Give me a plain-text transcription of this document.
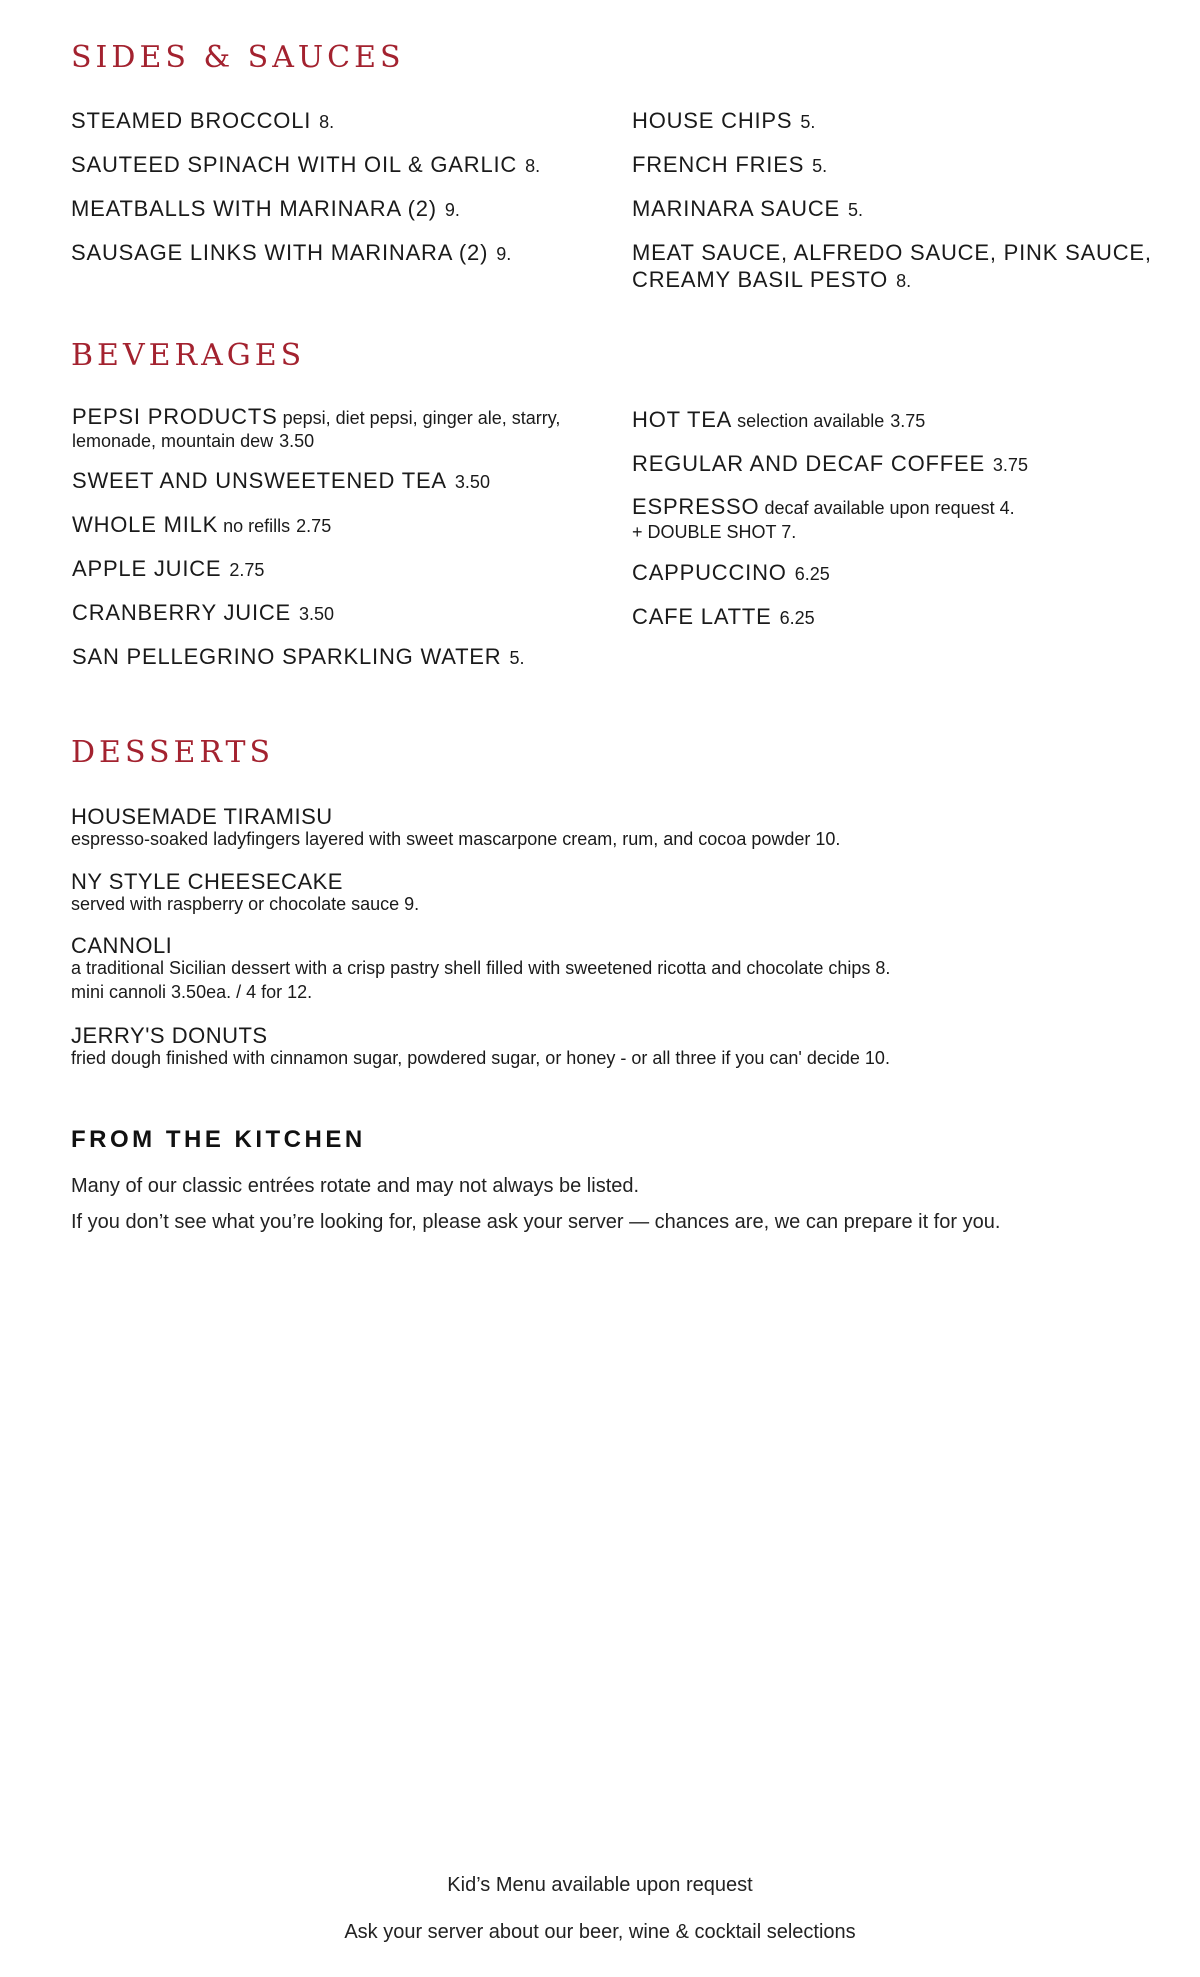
SIDES & SAUCES
STEAMED BROCCOLI 8.
SAUTEED SPINACH WITH OIL & GARLIC 8.
MEATBALLS WITH MARINARA (2) 9.
SAUSAGE LINKS WITH MARINARA (2) 9.
HOUSE CHIPS 5.
FRENCH FRIES 5.
MARINARA SAUCE 5.
MEAT SAUCE, ALFREDO SAUCE, PINK SAUCE, CREAMY BASIL PESTO 8.
BEVERAGES
PEPSI PRODUCTS pepsi, diet pepsi, ginger ale, starry, lemonade, mountain dew 3.50
SWEET AND UNSWEETENED TEA 3.50
WHOLE MILK no refills 2.75
APPLE JUICE 2.75
CRANBERRY JUICE 3.50
SAN PELLEGRINO SPARKLING WATER 5.
HOT TEA selection available 3.75
REGULAR AND DECAF COFFEE 3.75
ESPRESSO decaf available upon request 4.
+ DOUBLE SHOT 7.
CAPPUCCINO 6.25
CAFE LATTE 6.25
DESSERTS
HOUSEMADE TIRAMISU
espresso-soaked ladyfingers layered with sweet mascarpone cream, rum, and cocoa powder 10.
NY STYLE CHEESECAKE
served with raspberry or chocolate sauce 9.
CANNOLI
a traditional Sicilian dessert with a crisp pastry shell filled with sweetened ricotta and chocolate chips 8.
mini cannoli 3.50ea. / 4 for 12.
JERRY'S DONUTS
fried dough finished with cinnamon sugar, powdered sugar, or honey - or all three if you can' decide 10.
FROM THE KITCHEN
Many of our classic entrées rotate and may not always be listed.
If you don’t see what you’re looking for, please ask your server — chances are, we can prepare it for you.
Kid’s Menu available upon request
Ask your server about our beer, wine & cocktail selections
